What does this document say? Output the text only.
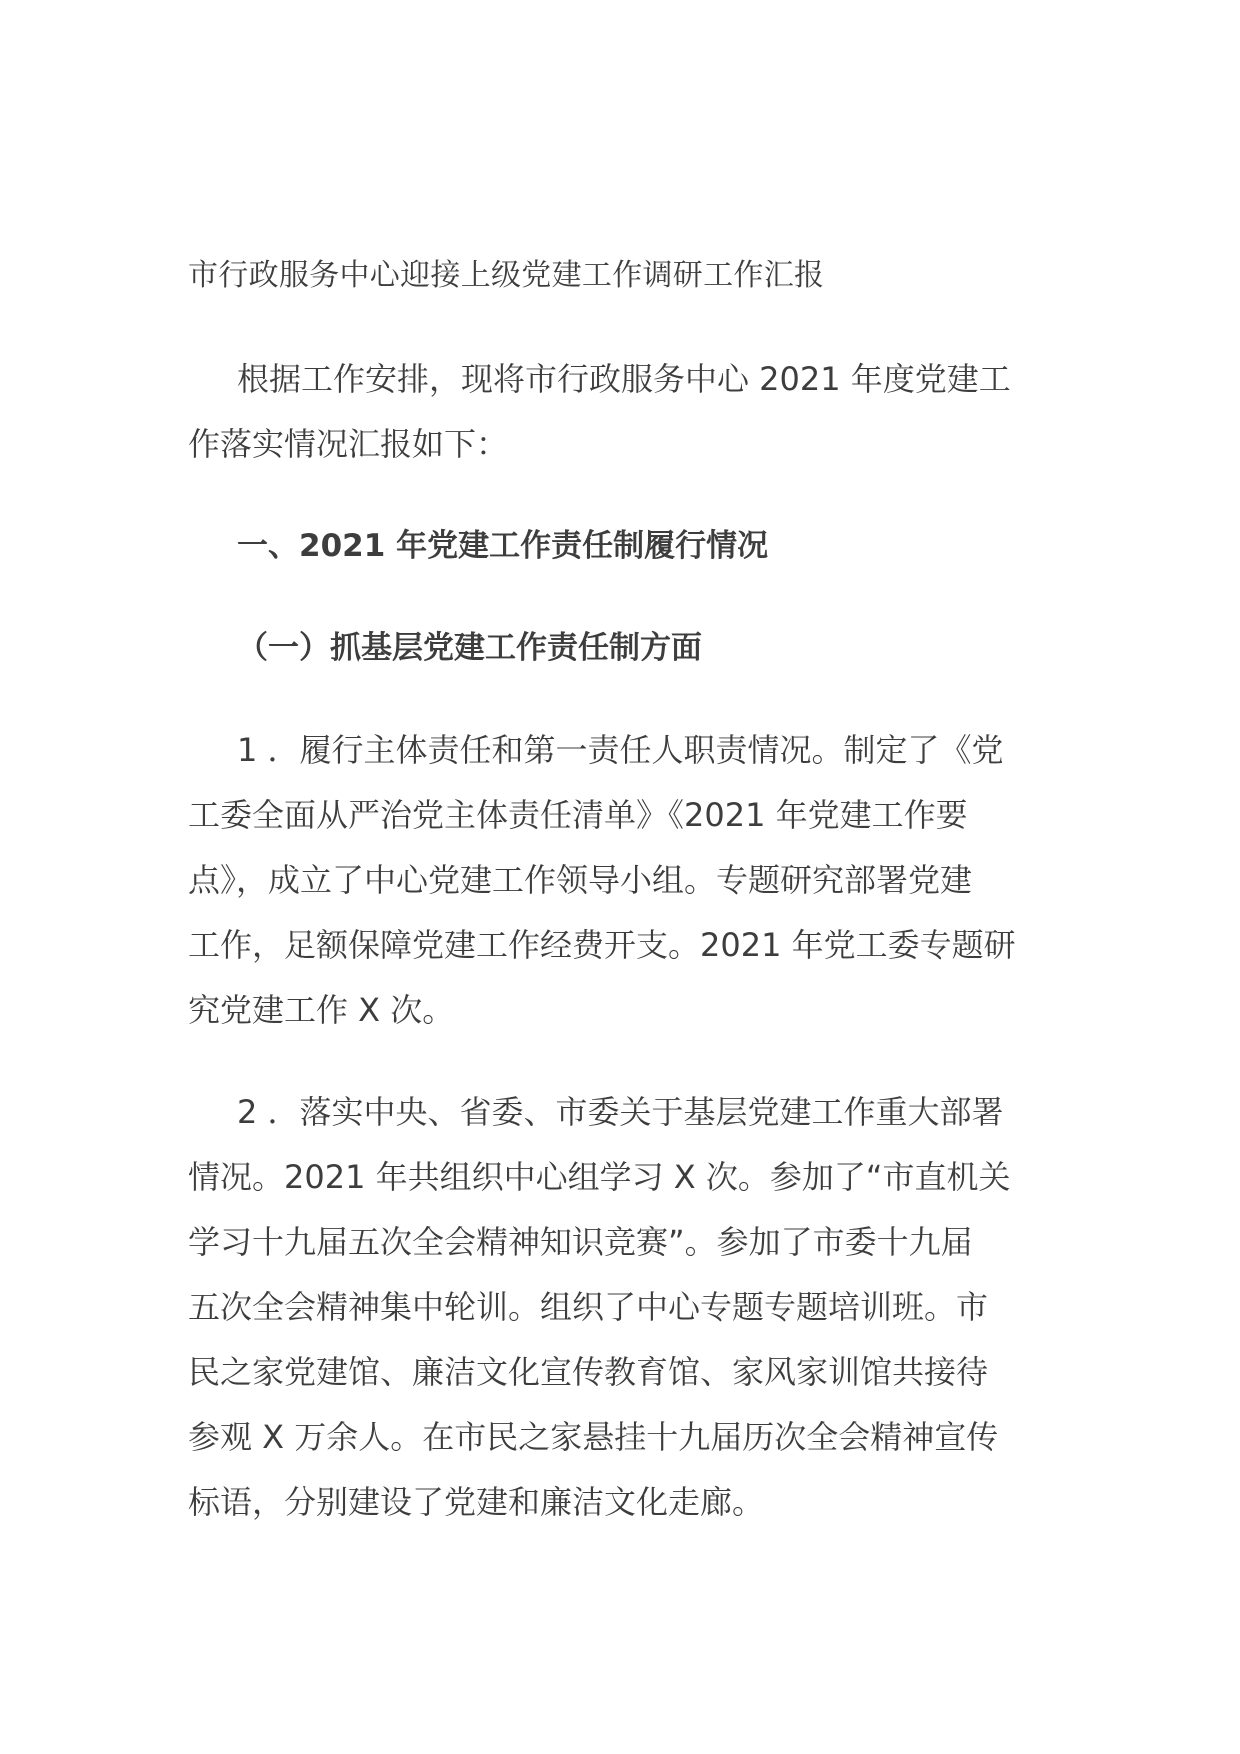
市行政服务中心迎接上级党建工作调研工作汇报

根据工作安排，现将市行政服务中心 2021 年度党建工
作落实情况汇报如下：

一、2021 年党建工作责任制履行情况

（一）抓基层党建工作责任制方面

1 ．履行主体责任和第一责任人职责情况。制定了《党
工委全面从严治党主体责任清单》《2021 年党建工作要
点》，成立了中心党建工作领导小组。专题研究部署党建
工作，足额保障党建工作经费开支。2021 年党工委专题研
究党建工作 X 次。

2 ．落实中央、省委、市委关于基层党建工作重大部署
情况。2021 年共组织中心组学习 X 次。参加了“市直机关
学习十九届五次全会精神知识竞赛”。参加了市委十九届
五次全会精神集中轮训。组织了中心专题专题培训班。市
民之家党建馆、廉洁文化宣传教育馆、家风家训馆共接待
参观 X 万余人。在市民之家悬挂十九届历次全会精神宣传
标语，分别建设了党建和廉洁文化走廊。
